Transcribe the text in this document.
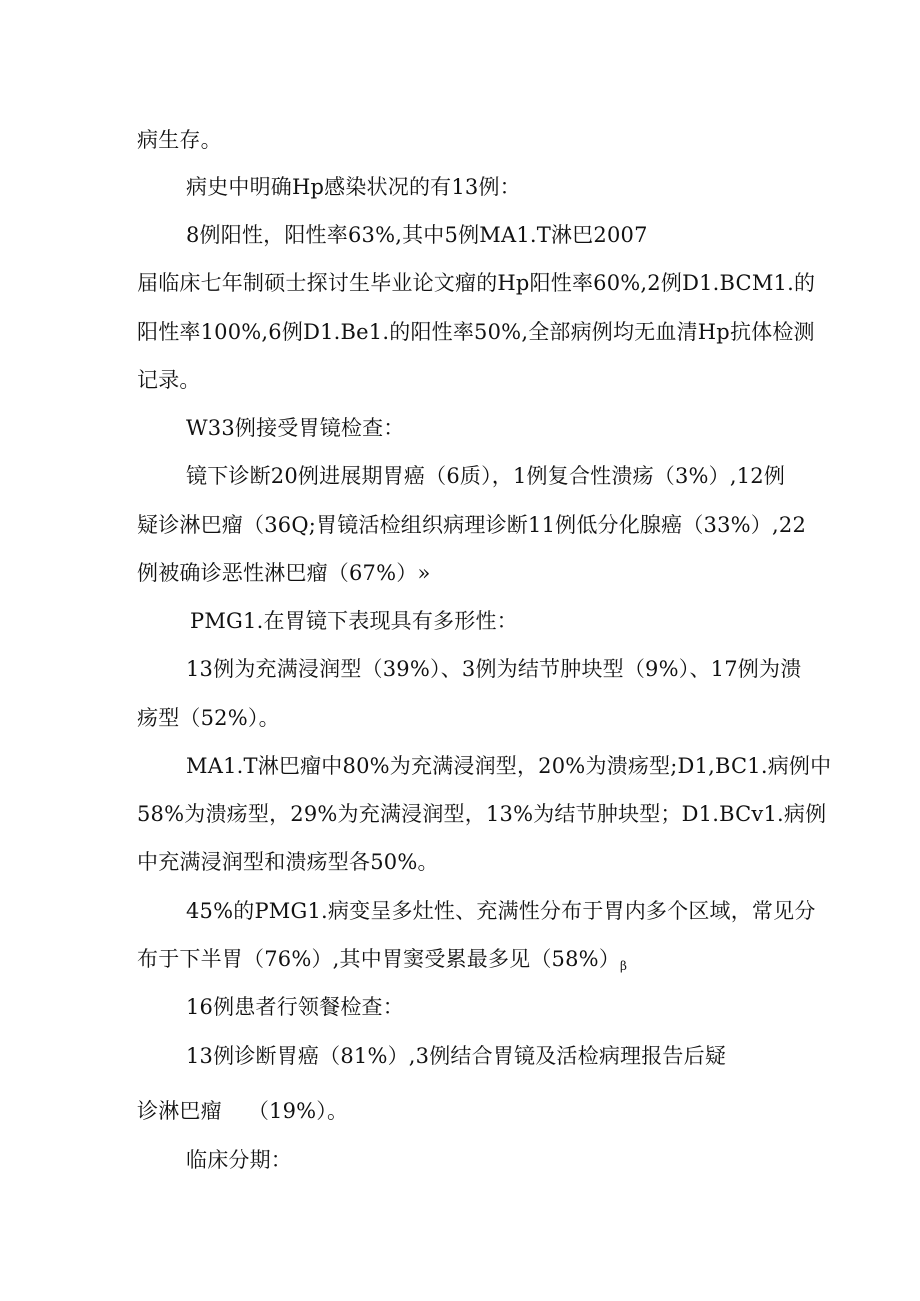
病生存。
病史中明确Hp感染状况的有13例：
8例阳性，阳性率63%,其中5例MA1.T淋巴2007
届临床七年制硕士探讨生毕业论文瘤的Hp阳性率60%,2例D1.BCM1.的
阳性率100%,6例D1.Be1.的阳性率50%,全部病例均无血清Hp抗体检测
记录。
W33例接受胃镜检查：
镜下诊断20例进展期胃癌（6质），1例复合性溃疡（3%）,12例
疑诊淋巴瘤（36Q;胃镜活检组织病理诊断11例低分化腺癌（33%）,22
例被确诊恶性淋巴瘤（67%）»
PMG1.在胃镜下表现具有多形性：
13例为充满浸润型（39%）、3例为结节肿块型（9%）、17例为溃
疡型（52%）。
MA1.T淋巴瘤中80%为充满浸润型，20%为溃疡型;D1,BC1.病例中
58%为溃疡型，29%为充满浸润型，13%为结节肿块型；D1.BCv1.病例
中充满浸润型和溃疡型各50%。
45%的PMG1.病变呈多灶性、充满性分布于胃内多个区域，常见分
布于下半胃（76%）,其中胃窦受累最多见（58%）β
16例患者行领餐检查：
13例诊断胃癌（81%）,3例结合胃镜及活检病理报告后疑
诊淋巴瘤 （19%）。
临床分期：
